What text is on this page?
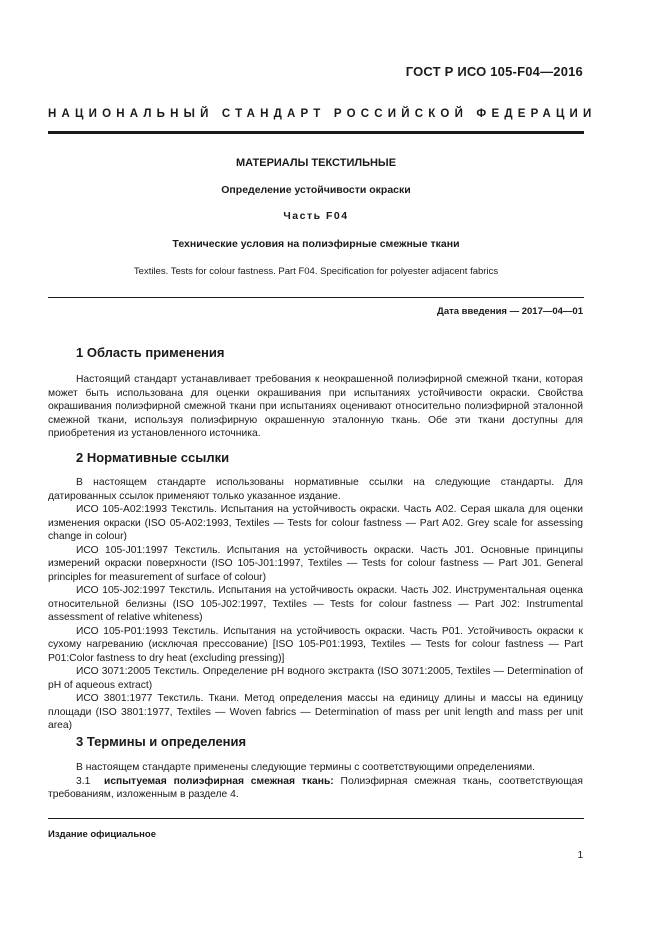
ГОСТ Р ИСО 105-F04—2016
НАЦИОНАЛЬНЫЙ СТАНДАРТ РОССИЙСКОЙ ФЕДЕРАЦИИ
МАТЕРИАЛЫ ТЕКСТИЛЬНЫЕ
Определение устойчивости окраски
Часть F04
Технические условия на полиэфирные смежные ткани
Textiles. Tests for colour fastness. Part F04. Specification for polyester adjacent fabrics
Дата введения — 2017—04—01
1 Область применения

Настоящий стандарт устанавливает требования к неокрашенной полиэфирной смежной ткани, которая может быть использована для оценки окрашивания при испытаниях устойчивости окраски. Свойства окрашивания полиэфирной смежной ткани при испытаниях оценивают относительно полиэфирной эталонной смежной ткани, используя полиэфирную окрашенную эталонную ткань. Обе эти ткани доступны для приобретения из установленного источника.

2 Нормативные ссылки

В настоящем стандарте использованы нормативные ссылки на следующие стандарты. Для датированных ссылок применяют только указанное издание.

ИСО 105-A02:1993 Текстиль. Испытания на устойчивость окраски. Часть A02. Серая шкала для оценки изменения окраски (ISO 05-A02:1993, Textiles — Tests for colour fastness — Part A02. Grey scale for assessing change in colour)

ИСО 105-J01:1997 Текстиль. Испытания на устойчивость окраски. Часть J01. Основные принципы измерений окраски поверхности (ISO 105-J01:1997, Textiles — Tests for colour fastness — Part J01. General principles for measurement of surface of colour)

ИСО 105-J02:1997 Текстиль. Испытания на устойчивость окраски. Часть J02. Инструментальная оценка относительной белизны (ISO 105-J02:1997, Textiles — Tests for colour fastness — Part J02: Instrumental assessment of relative whiteness)

ИСО 105-P01:1993 Текстиль. Испытания на устойчивость окраски. Часть P01. Устойчивость окраски к сухому нагреванию (исключая прессование) [ISO 105-P01:1993, Textiles — Tests for colour fastness — Part P01:Color fastness to dry heat (excluding pressing)]

ИСО 3071:2005 Текстиль. Определение pH водного экстракта (ISO 3071:2005, Textiles — Determination of pH of aqueous extract)

ИСО 3801:1977 Текстиль. Ткани. Метод определения массы на единицу длины и массы на единицу площади (ISO 3801:1977, Textiles — Woven fabrics — Determination of mass per unit length and mass per unit area)

3 Термины и определения

В настоящем стандарте применены следующие термины с соответствующими определениями.

3.1 испытуемая полиэфирная смежная ткань: Полиэфирная смежная ткань, соответствующая требованиям, изложенным в разделе 4.

Издание официальное
1
